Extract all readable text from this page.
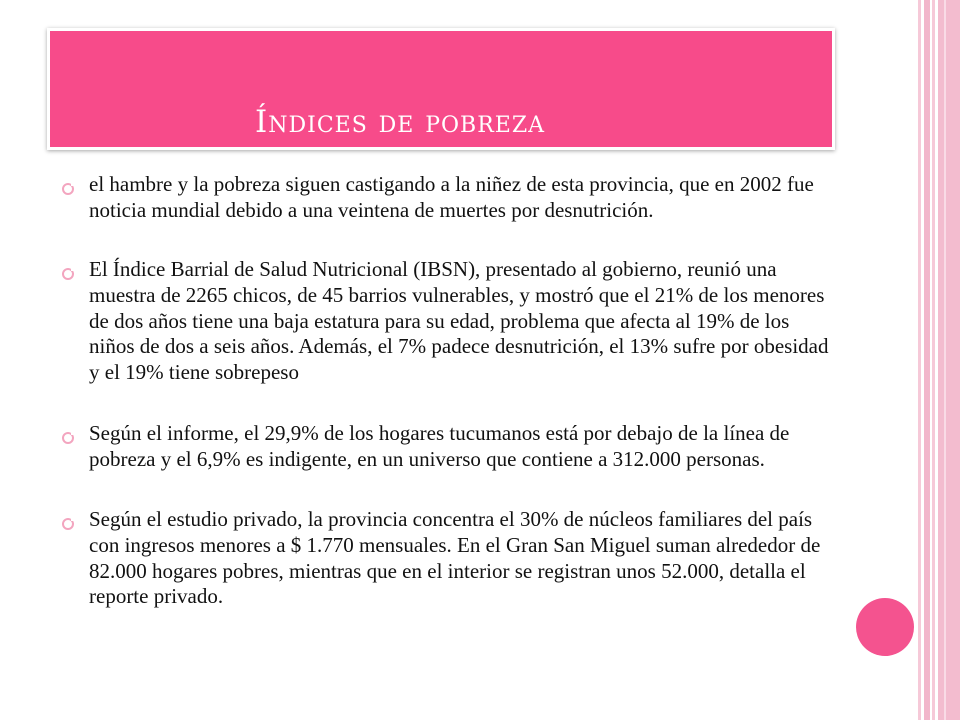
Índices de pobreza
el hambre y la pobreza siguen castigando a la niñez de esta provincia, que en 2002 fue noticia mundial debido a una veintena de muertes por desnutrición.
El Índice Barrial de Salud Nutricional (IBSN), presentado al gobierno, reunió una muestra de 2265 chicos, de 45 barrios vulnerables, y mostró que el 21% de los menores de dos años tiene una baja estatura para su edad, problema que afecta al 19% de los niños de dos a seis años. Además, el 7% padece desnutrición, el 13% sufre por obesidad y el 19% tiene sobrepeso
Según el informe, el 29,9% de los hogares tucumanos está por debajo de la línea de pobreza y el 6,9% es indigente, en un universo que contiene a 312.000 personas.
Según el estudio privado, la provincia concentra el 30% de núcleos familiares del país con ingresos menores a $ 1.770 mensuales. En el Gran San Miguel suman alrededor de 82.000 hogares pobres, mientras que en el interior se registran unos 52.000, detalla el reporte privado.
